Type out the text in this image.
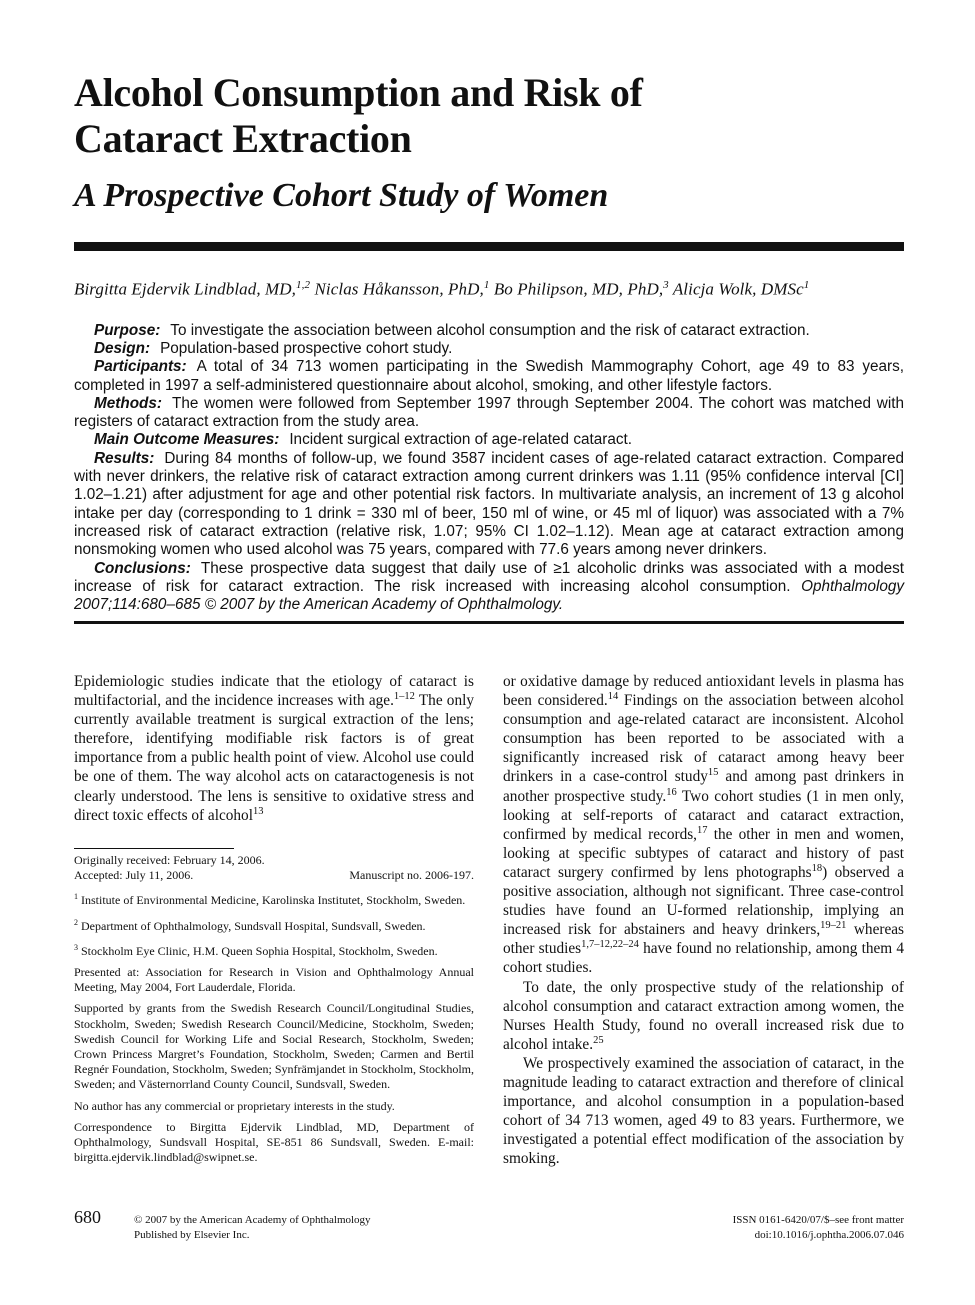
Alcohol Consumption and Risk of Cataract Extraction
A Prospective Cohort Study of Women
Birgitta Ejdervik Lindblad, MD,$^{1,2}$ Niclas Håkansson, PhD,$^1$ Bo Philipson, MD, PhD,$^3$ Alicja Wolk, DMSc$^1$

Purpose: To investigate the association between alcohol consumption and the risk of cataract extraction.

Design: Population-based prospective cohort study.

Participants: A total of 34 713 women participating in the Swedish Mammography Cohort, age 49 to 83 years, completed in 1997 a self-administered questionnaire about alcohol, smoking, and other lifestyle factors.

Methods: The women were followed from September 1997 through September 2004. The cohort was matched with registers of cataract extraction from the study area.

Main Outcome Measures: Incident surgical extraction of age-related cataract.

Results: During 84 months of follow-up, we found 3587 incident cases of age-related cataract extraction. Compared with never drinkers, the relative risk of cataract extraction among current drinkers was 1.11 (95% confidence interval [CI] 1.02–1.21) after adjustment for age and other potential risk factors. In multivariate analysis, an increment of 13 g alcohol intake per day (corresponding to 1 drink = 330 ml of beer, 150 ml of wine, or 45 ml of liquor) was associated with a 7% increased risk of cataract extraction (relative risk, 1.07; 95% CI 1.02–1.12). Mean age at cataract extraction among nonsmoking women who used alcohol was 75 years, compared with 77.6 years among never drinkers.

Conclusions: These prospective data suggest that daily use of ≥1 alcoholic drinks was associated with a modest increase of risk for cataract extraction. The risk increased with increasing alcohol consumption. Ophthalmology 2007;114:680–685 © 2007 by the American Academy of Ophthalmology.

Epidemiologic studies indicate that the etiology of cataract is multifactorial, and the incidence increases with age.$^{1-12}$ The only currently available treatment is surgical extraction of the lens; therefore, identifying modifiable risk factors is of great importance from a public health point of view. Alcohol use could be one of them. The way alcohol acts on cataractogenesis is not clearly understood. The lens is sensitive to oxidative stress and direct toxic effects of alcohol$^{13}$

Originally received: February 14, 2006.
Accepted: July 11, 2006.	Manuscript no. 2006-197.

$^1$ Institute of Environmental Medicine, Karolinska Institutet, Stockholm, Sweden.

$^2$ Department of Ophthalmology, Sundsvall Hospital, Sundsvall, Sweden.

$^3$ Stockholm Eye Clinic, H.M. Queen Sophia Hospital, Stockholm, Sweden.

Presented at: Association for Research in Vision and Ophthalmology Annual Meeting, May 2004, Fort Lauderdale, Florida.

Supported by grants from the Swedish Research Council/Longitudinal Studies, Stockholm, Sweden; Swedish Research Council/Medicine, Stockholm, Sweden; Swedish Council for Working Life and Social Research, Stockholm, Sweden; Crown Princess Margret’s Foundation, Stockholm, Sweden; Carmen and Bertil Regnér Foundation, Stockholm, Sweden; Synfrämjandet in Stockholm, Stockholm, Sweden; and Västernorrland County Council, Sundsvall, Sweden.

No author has any commercial or proprietary interests in the study.

Correspondence to Birgitta Ejdervik Lindblad, MD, Department of Ophthalmology, Sundsvall Hospital, SE-851 86 Sundsvall, Sweden. E-mail: birgitta.ejdervik.lindblad@swipnet.se.

or oxidative damage by reduced antioxidant levels in plasma has been considered.$^{14}$ Findings on the association between alcohol consumption and age-related cataract are inconsistent. Alcohol consumption has been reported to be associated with a significantly increased risk of cataract among heavy beer drinkers in a case-control study$^{15}$ and among past drinkers in another prospective study.$^{16}$ Two cohort studies (1 in men only, looking at self-reports of cataract and cataract extraction, confirmed by medical records,$^{17}$ the other in men and women, looking at specific subtypes of cataract and history of past cataract surgery confirmed by lens photographs$^{18}$) observed a positive association, although not significant. Three case-control studies have found an U-formed relationship, implying an increased risk for abstainers and heavy drinkers,$^{19-21}$ whereas other studies$^{1,7-12,22-24}$ have found no relationship, among them 4 cohort studies.

To date, the only prospective study of the relationship of alcohol consumption and cataract extraction among women, the Nurses Health Study, found no overall increased risk due to alcohol intake.$^{25}$

We prospectively examined the association of cataract, in the magnitude leading to cataract extraction and therefore of clinical importance, and alcohol consumption in a population-based cohort of 34 713 women, aged 49 to 83 years. Furthermore, we investigated a potential effect modification of the association by smoking.

680	© 2007 by the American Academy of Ophthalmology
Published by Elsevier Inc.
ISSN 0161-6420/07/$–see front matter
doi:10.1016/j.ophtha.2006.07.046
